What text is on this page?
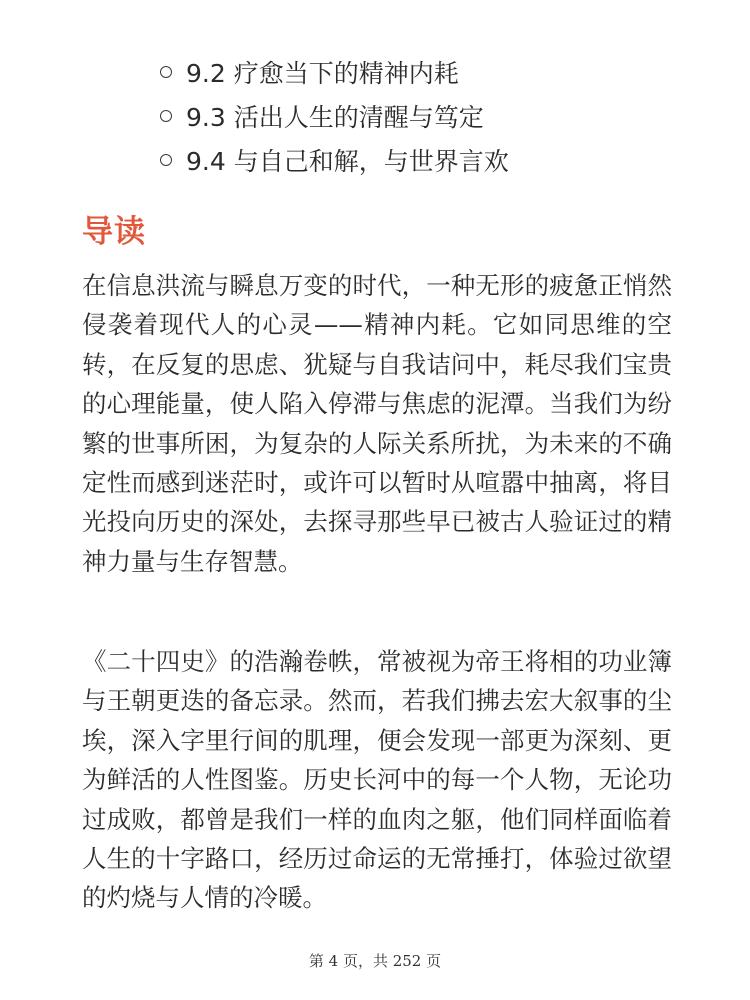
9.2 疗愈当下的精神内耗
9.3 活出人生的清醒与笃定
9.4 与自己和解，与世界言欢
导读

在信息洪流与瞬息万变的时代，一种无形的疲惫正悄然侵袭着现代人的心灵——精神内耗。它如同思维的空转，在反复的思虑、犹疑与自我诘问中，耗尽我们宝贵的心理能量，使人陷入停滞与焦虑的泥潭。当我们为纷繁的世事所困，为复杂的人际关系所扰，为未来的不确定性而感到迷茫时，或许可以暂时从喧嚣中抽离，将目光投向历史的深处，去探寻那些早已被古人验证过的精神力量与生存智慧。

《二十四史》的浩瀚卷帙，常被视为帝王将相的功业簿与王朝更迭的备忘录。然而，若我们拂去宏大叙事的尘埃，深入字里行间的肌理，便会发现一部更为深刻、更为鲜活的人性图鉴。历史长河中的每一个人物，无论功过成败，都曾是我们一样的血肉之躯，他们同样面临着人生的十字路口，经历过命运的无常捶打，体验过欲望的灼烧与人情的冷暖。

第 4 页，共 252 页
